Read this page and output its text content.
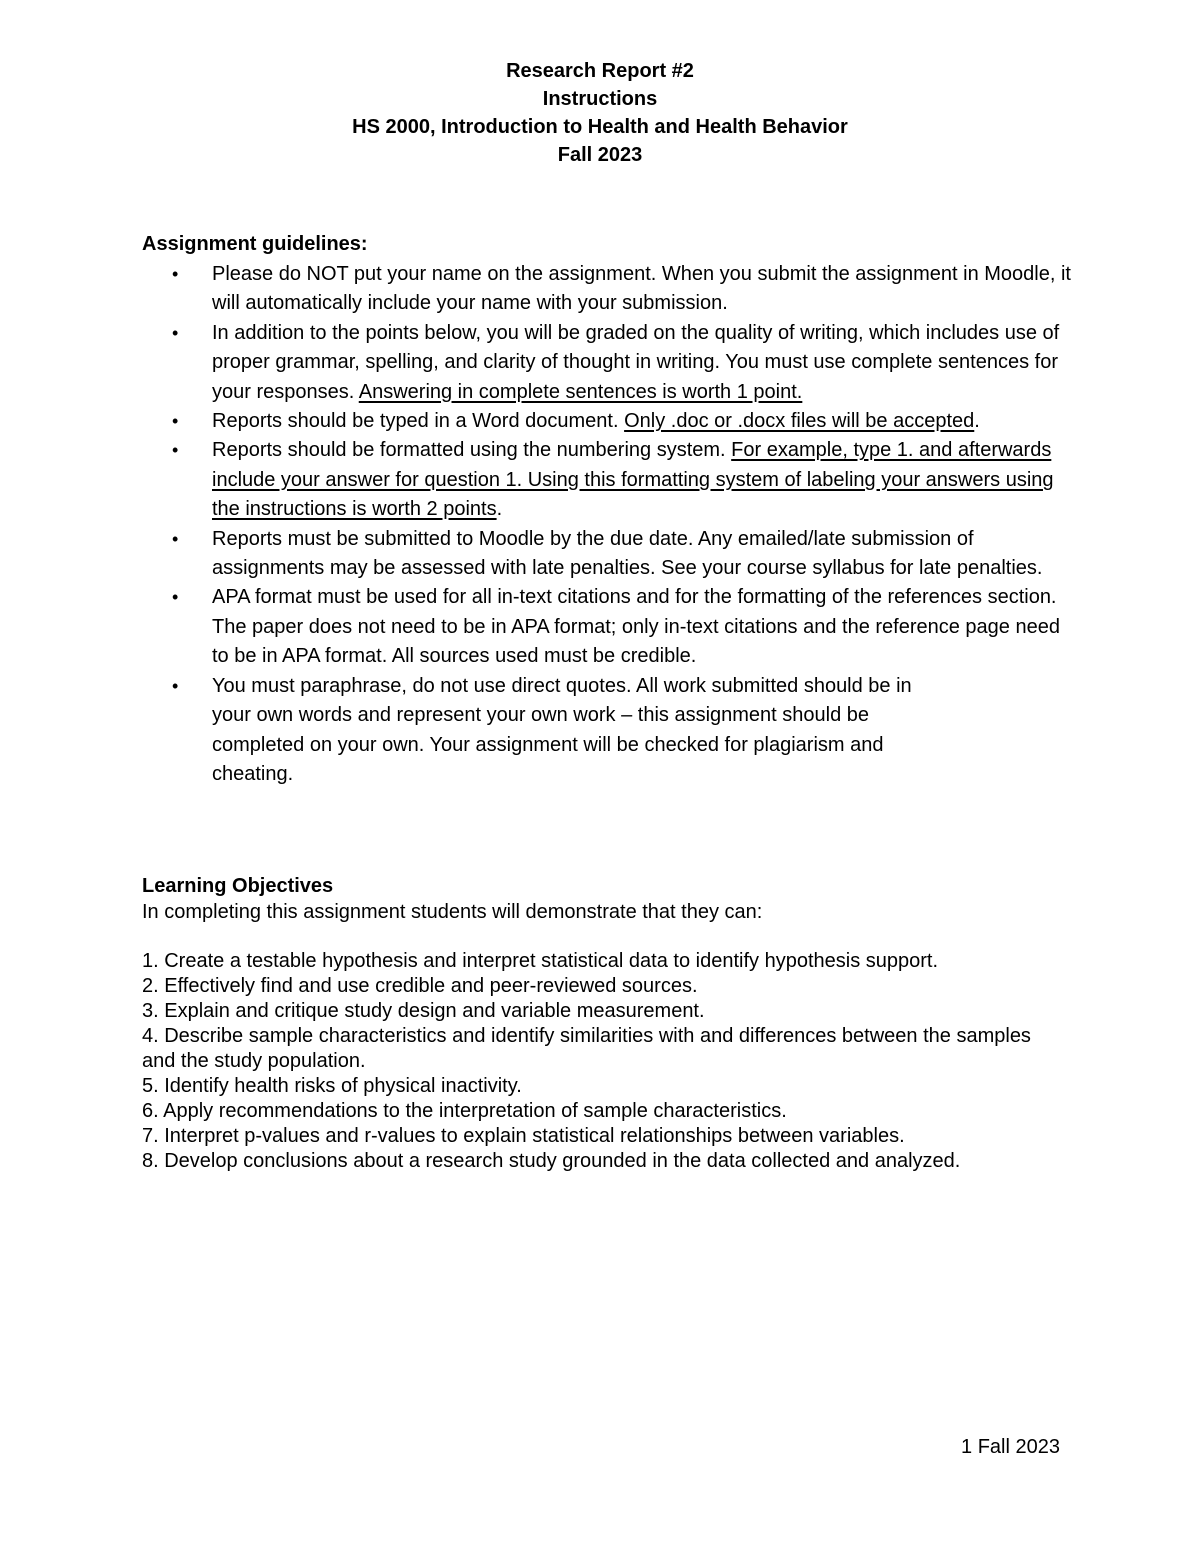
Research Report #2
Instructions
HS 2000, Introduction to Health and Health Behavior
Fall 2023
Assignment guidelines:
• Please do NOT put your name on the assignment. When you submit the assignment in Moodle, it will automatically include your name with your submission.
• In addition to the points below, you will be graded on the quality of writing, which includes use of proper grammar, spelling, and clarity of thought in writing. You must use complete sentences for your responses. Answering in complete sentences is worth 1 point.
• Reports should be typed in a Word document. Only .doc or .docx files will be accepted.
• Reports should be formatted using the numbering system. For example, type 1. and afterwards include your answer for question 1. Using this formatting system of labeling your answers using the instructions is worth 2 points.
• Reports must be submitted to Moodle by the due date. Any emailed/late submission of assignments may be assessed with late penalties. See your course syllabus for late penalties.
• APA format must be used for all in-text citations and for the formatting of the references section. The paper does not need to be in APA format; only in-text citations and the reference page need to be in APA format. All sources used must be credible.
• You must paraphrase, do not use direct quotes. All work submitted should be in
your own words and represent your own work – this assignment should be
completed on your own. Your assignment will be checked for plagiarism and
cheating.
Learning Objectives
In completing this assignment students will demonstrate that they can:
1. Create a testable hypothesis and interpret statistical data to identify hypothesis support.
2. Effectively find and use credible and peer-reviewed sources.
3. Explain and critique study design and variable measurement.
4. Describe sample characteristics and identify similarities with and differences between the samples and the study population.
5. Identify health risks of physical inactivity.
6. Apply recommendations to the interpretation of sample characteristics.
7. Interpret p-values and r-values to explain statistical relationships between variables.
8. Develop conclusions about a research study grounded in the data collected and analyzed.
1 Fall 2023
